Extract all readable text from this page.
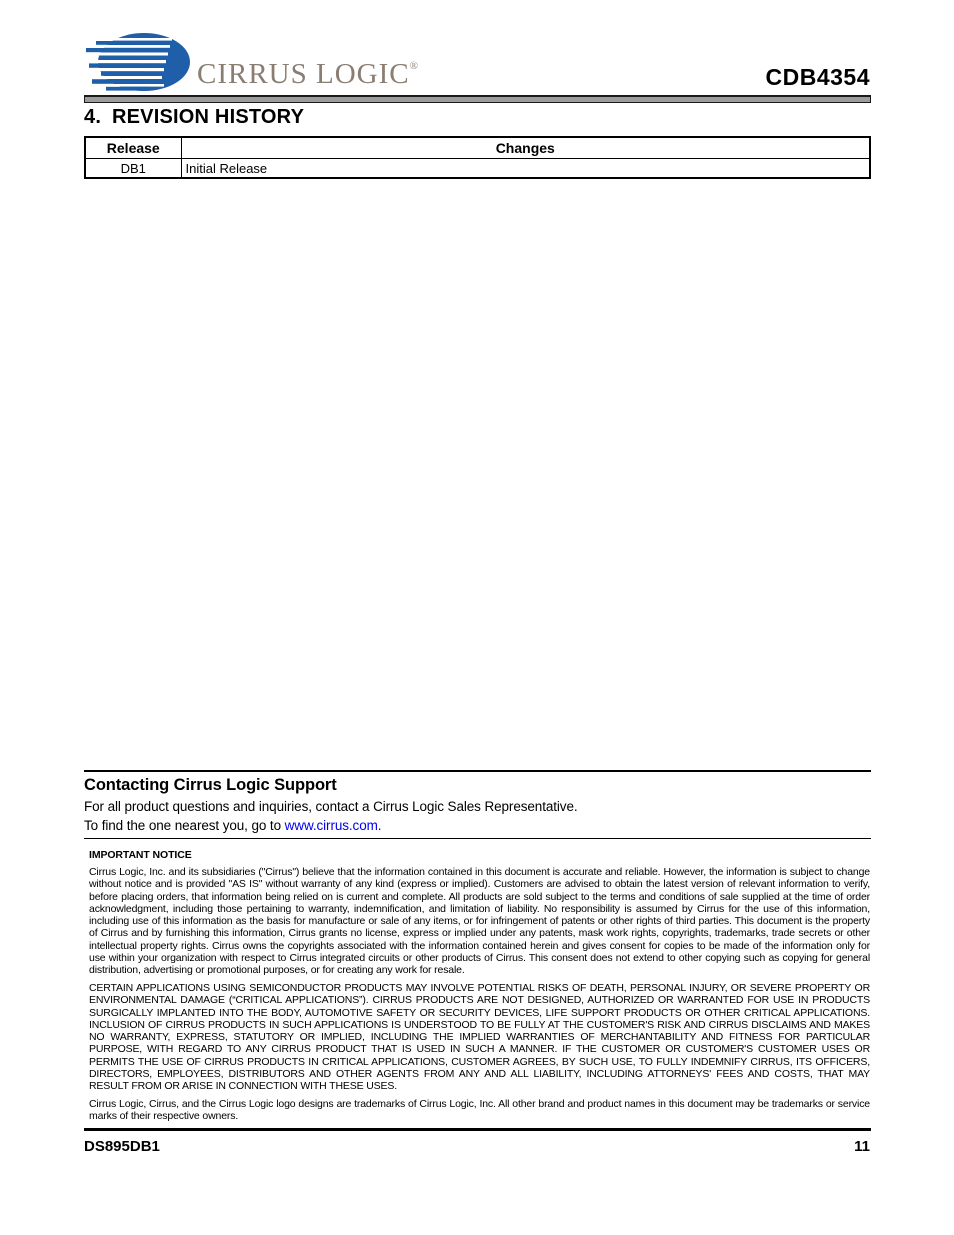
CIRRUS LOGIC®	CDB4354
4. REVISION HISTORY
Release	Changes
DB1	Initial Release
Contacting Cirrus Logic Support

For all product questions and inquiries, contact a Cirrus Logic Sales Representative.

To find the one nearest you, go to www.cirrus.com.

IMPORTANT NOTICE

Cirrus Logic, Inc. and its subsidiaries ("Cirrus") believe that the information contained in this document is accurate and reliable. However, the information is subject to change without notice and is provided "AS IS" without warranty of any kind (express or implied). Customers are advised to obtain the latest version of relevant information to verify, before placing orders, that information being relied on is current and complete. All products are sold subject to the terms and conditions of sale supplied at the time of order acknowledgment, including those pertaining to warranty, indemnification, and limitation of liability. No responsibility is assumed by Cirrus for the use of this information, including use of this information as the basis for manufacture or sale of any items, or for infringement of patents or other rights of third parties. This document is the property of Cirrus and by furnishing this information, Cirrus grants no license, express or implied under any patents, mask work rights, copyrights, trademarks, trade secrets or other intellectual property rights. Cirrus owns the copyrights associated with the information contained herein and gives consent for copies to be made of the information only for use within your organization with respect to Cirrus integrated circuits or other products of Cirrus. This consent does not extend to other copying such as copying for general distribution, advertising or promotional purposes, or for creating any work for resale.

CERTAIN APPLICATIONS USING SEMICONDUCTOR PRODUCTS MAY INVOLVE POTENTIAL RISKS OF DEATH, PERSONAL INJURY, OR SEVERE PROPERTY OR ENVIRONMENTAL DAMAGE (“CRITICAL APPLICATIONS”). CIRRUS PRODUCTS ARE NOT DESIGNED, AUTHORIZED OR WARRANTED FOR USE IN PRODUCTS SURGICALLY IMPLANTED INTO THE BODY, AUTOMOTIVE SAFETY OR SECURITY DEVICES, LIFE SUPPORT PRODUCTS OR OTHER CRITICAL APPLICATIONS. INCLUSION OF CIRRUS PRODUCTS IN SUCH APPLICATIONS IS UNDERSTOOD TO BE FULLY AT THE CUSTOMER'S RISK AND CIRRUS DISCLAIMS AND MAKES NO WARRANTY, EXPRESS, STATUTORY OR IMPLIED, INCLUDING THE IMPLIED WARRANTIES OF MERCHANTABILITY AND FITNESS FOR PARTICULAR PURPOSE, WITH REGARD TO ANY CIRRUS PRODUCT THAT IS USED IN SUCH A MANNER. IF THE CUSTOMER OR CUSTOMER'S CUSTOMER USES OR PERMITS THE USE OF CIRRUS PRODUCTS IN CRITICAL APPLICATIONS, CUSTOMER AGREES, BY SUCH USE, TO FULLY INDEMNIFY CIRRUS, ITS OFFICERS, DIRECTORS, EMPLOYEES, DISTRIBUTORS AND OTHER AGENTS FROM ANY AND ALL LIABILITY, INCLUDING ATTORNEYS' FEES AND COSTS, THAT MAY RESULT FROM OR ARISE IN CONNECTION WITH THESE USES.

Cirrus Logic, Cirrus, and the Cirrus Logic logo designs are trademarks of Cirrus Logic, Inc. All other brand and product names in this document may be trademarks or service marks of their respective owners.

DS895DB1	11
